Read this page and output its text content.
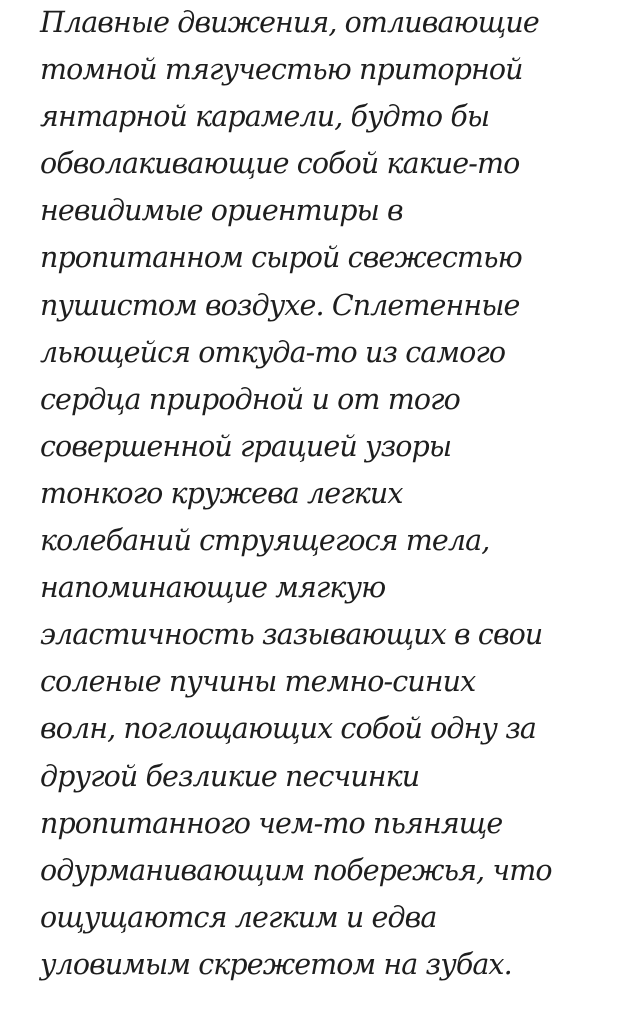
Плавные движения, отливающие
томной тягучестью приторной
янтарной карамели, будто бы
обволакивающие собой какие-то
невидимые ориентиры в
пропитанном сырой свежестью
пушистом воздухе. Сплетенные
льющейся откуда-то из самого
сердца природной и от того
совершенной грацией узоры
тонкого кружева легких
колебаний струящегося тела,
напоминающие мягкую
эластичность зазывающих в свои
соленые пучины темно-синих
волн, поглощающих собой одну за
другой безликие песчинки
пропитанного чем-то пьяняще
одурманивающим побережья, что
ощущаются легким и едва
уловимым скрежетом на зубах.
